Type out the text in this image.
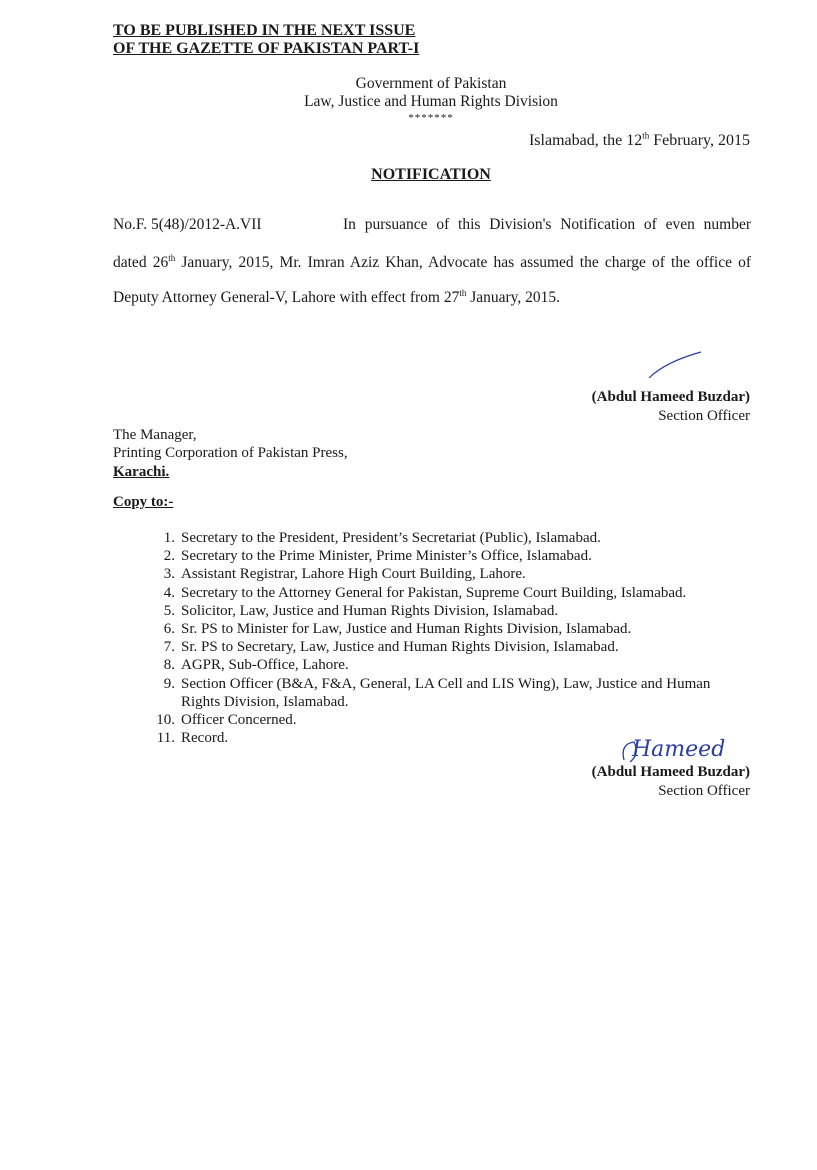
TO BE PUBLISHED IN THE NEXT ISSUE
OF THE GAZETTE OF PAKISTAN PART-I
Government of Pakistan
Law, Justice and Human Rights Division
*******
Islamabad, the 12th February, 2015
NOTIFICATION
No.F. 5(48)/2012-A.VII	In pursuance of this Division's Notification of even number
dated 26th January, 2015, Mr. Imran Aziz Khan, Advocate has assumed the charge of the office of
Deputy Attorney General-V, Lahore with effect from 27th January, 2015.
(Abdul Hameed Buzdar)
Section Officer
The Manager,
Printing Corporation of Pakistan Press,
Karachi.
Copy to:-
1. Secretary to the President, President’s Secretariat (Public), Islamabad.
2. Secretary to the Prime Minister, Prime Minister’s Office, Islamabad.
3. Assistant Registrar, Lahore High Court Building, Lahore.
4. Secretary to the Attorney General for Pakistan, Supreme Court Building, Islamabad.
5. Solicitor, Law, Justice and Human Rights Division, Islamabad.
6. Sr. PS to Minister for Law, Justice and Human Rights Division, Islamabad.
7. Sr. PS to Secretary, Law, Justice and Human Rights Division, Islamabad.
8. AGPR, Sub-Office, Lahore.
9. Section Officer (B&A, F&A, General, LA Cell and LIS Wing), Law, Justice and Human Rights Division, Islamabad.
10. Officer Concerned.
11. Record.	Hameed
(Abdul Hameed Buzdar)
Section Officer
